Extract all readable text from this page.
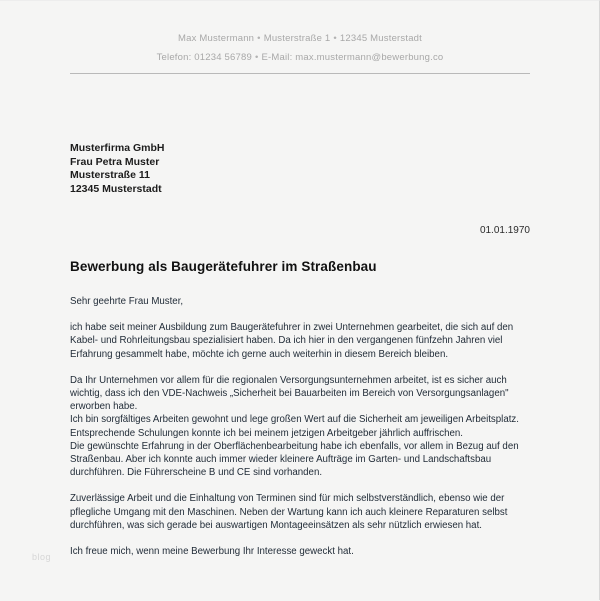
Max Mustermann • Musterstraße 1 • 12345 Musterstadt
Telefon: 01234 56789 • E-Mail: max.mustermann@bewerbung.co
Musterfirma GmbH
Frau Petra Muster
Musterstraße 11
12345 Musterstadt
01.01.1970
Bewerbung als Baugerätefuhrer im Straßenbau

Sehr geehrte Frau Muster,

ich habe seit meiner Ausbildung zum Baugerätefuhrer in zwei Unternehmen gearbeitet, die sich auf den Kabel- und Rohrleitungsbau spezialisiert haben. Da ich hier in den vergangenen fünfzehn Jahren viel Erfahrung gesammelt habe, möchte ich gerne auch weiterhin in diesem Bereich bleiben.

Da Ihr Unternehmen vor allem für die regionalen Versorgungsunternehmen arbeitet, ist es sicher auch wichtig, dass ich den VDE-Nachweis „Sicherheit bei Bauarbeiten im Bereich von Versorgungsanlagen" erworben habe.

Ich bin sorgfältiges Arbeiten gewohnt und lege großen Wert auf die Sicherheit am jeweiligen Arbeitsplatz. Entsprechende Schulungen konnte ich bei meinem jetzigen Arbeitgeber jährlich auffrischen.

Die gewünschte Erfahrung in der Oberflächenbearbeitung habe ich ebenfalls, vor allem in Bezug auf den Straßenbau. Aber ich konnte auch immer wieder kleinere Aufträge im Garten- und Landschaftsbau durchführen. Die Führerscheine B und CE sind vorhanden.

Zuverlässige Arbeit und die Einhaltung von Terminen sind für mich selbstverständlich, ebenso wie der pflegliche Umgang mit den Maschinen. Neben der Wartung kann ich auch kleinere Reparaturen selbst durchführen, was sich gerade bei auswartigen Montageeinsätzen als sehr nützlich erwiesen hat.

Ich freue mich, wenn meine Bewerbung Ihr Interesse geweckt hat.

blog
